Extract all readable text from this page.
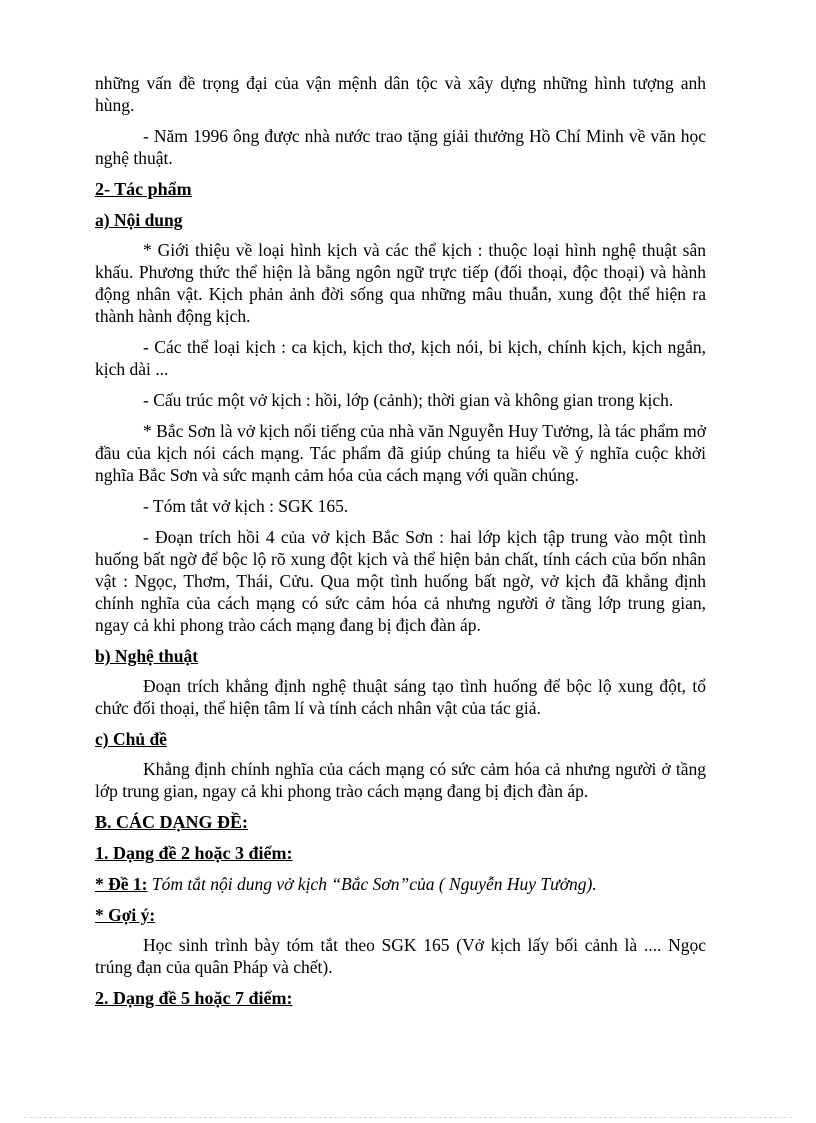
những vấn đề trọng đại của vận mệnh dân tộc và xây dựng những hình tượng anh hùng.

- Năm 1996 ông được nhà nước trao tặng giải thưởng Hồ Chí Minh về văn học nghệ thuật.

2- Tác phẩm

a) Nội dung

* Giới thiệu về loại hình kịch và các thể kịch : thuộc loại hình nghệ thuật sân khấu. Phương thức thể hiện là bằng ngôn ngữ trực tiếp (đối thoại, độc thoại) và hành động nhân vật. Kịch phản ảnh đời sống qua những mâu thuẫn, xung đột thể hiện ra thành hành động kịch.

- Các thể loại kịch : ca kịch, kịch thơ, kịch nói, bi kịch, chính kịch, kịch ngắn, kịch dài ...

- Cấu trúc một vở kịch : hồi, lớp (cảnh); thời gian và không gian trong kịch.

* Bắc Sơn là vở kịch nổi tiếng của nhà văn Nguyễn Huy Tưởng, là tác phẩm mở đầu của kịch nói cách mạng. Tác phẩm đã giúp chúng ta hiểu về ý nghĩa cuộc khởi nghĩa Bắc Sơn và sức mạnh cảm hóa của cách mạng với quần chúng.

- Tóm tắt vở kịch : SGK 165.

- Đoạn trích hồi 4 của vở kịch Bắc Sơn : hai lớp kịch tập trung vào một tình huống bất ngờ để bộc lộ rõ xung đột kịch và thể hiện bản chất, tính cách của bốn nhân vật : Ngọc, Thơm, Thái, Cửu. Qua một tình huống bất ngờ, vở kịch đã khẳng định chính nghĩa của cách mạng có sức cảm hóa cả nhưng người ở tầng lớp trung gian, ngay cả khi phong trào cách mạng đang bị địch đàn áp.

b) Nghệ thuật

Đoạn trích khẳng định nghệ thuật sáng tạo tình huống để bộc lộ xung đột, tổ chức đối thoại, thể hiện tâm lí và tính cách nhân vật của tác giả.

c) Chủ đề

Khẳng định chính nghĩa của cách mạng có sức cảm hóa cả nhưng người ở tầng lớp trung gian, ngay cả khi phong trào cách mạng đang bị địch đàn áp.

B. CÁC DẠNG ĐỀ:

1. Dạng đề 2 hoặc 3 điểm:

* Đề 1: Tóm tắt nội dung vở kịch “Bắc Sơn”của ( Nguyễn Huy Tưởng).

* Gợi ý:

Học sinh trình bày tóm tắt theo SGK 165 (Vở kịch lấy bối cảnh là .... Ngọc trúng đạn của quân Pháp và chết).

2. Dạng đề 5 hoặc 7 điểm:
